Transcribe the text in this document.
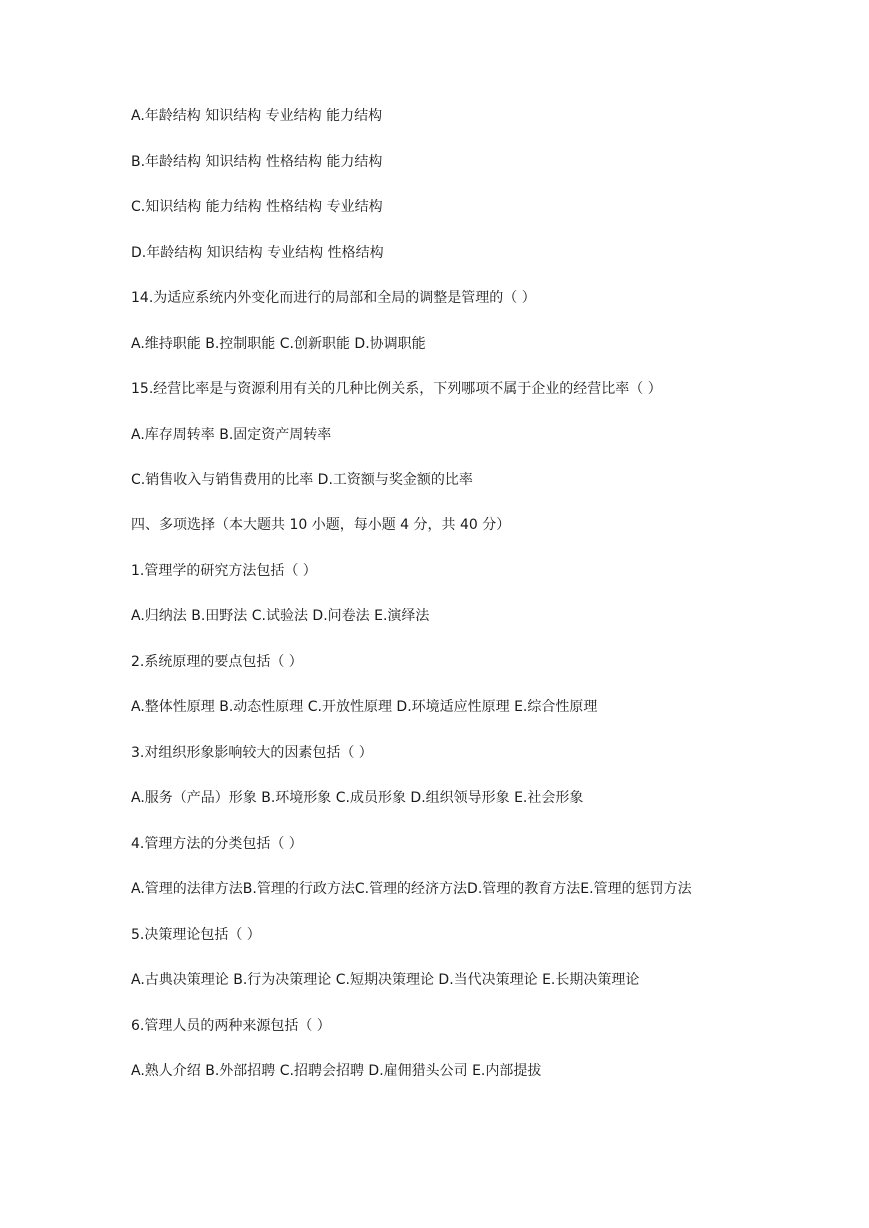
A.年龄结构 知识结构 专业结构 能力结构
B.年龄结构 知识结构 性格结构 能力结构
C.知识结构 能力结构 性格结构 专业结构
D.年龄结构 知识结构 专业结构 性格结构
14.为适应系统内外变化而进行的局部和全局的调整是管理的（ ）
A.维持职能 B.控制职能 C.创新职能 D.协调职能
15.经营比率是与资源利用有关的几种比例关系，下列哪项不属于企业的经营比率（ ）
A.库存周转率 B.固定资产周转率
C.销售收入与销售费用的比率 D.工资额与奖金额的比率
四、多项选择（本大题共 10 小题，每小题 4 分，共 40 分）
1.管理学的研究方法包括（ ）
A.归纳法 B.田野法 C.试验法 D.问卷法 E.演绎法
2.系统原理的要点包括（ ）
A.整体性原理 B.动态性原理 C.开放性原理 D.环境适应性原理 E.综合性原理
3.对组织形象影响较大的因素包括（ ）
A.服务（产品）形象 B.环境形象 C.成员形象 D.组织领导形象 E.社会形象
4.管理方法的分类包括（ ）
A.管理的法律方法B.管理的行政方法C.管理的经济方法D.管理的教育方法E.管理的惩罚方法
5.决策理论包括（ ）
A.古典决策理论 B.行为决策理论 C.短期决策理论 D.当代决策理论 E.长期决策理论
6.管理人员的两种来源包括（ ）
A.熟人介绍 B.外部招聘 C.招聘会招聘 D.雇佣猎头公司 E.内部提拔
